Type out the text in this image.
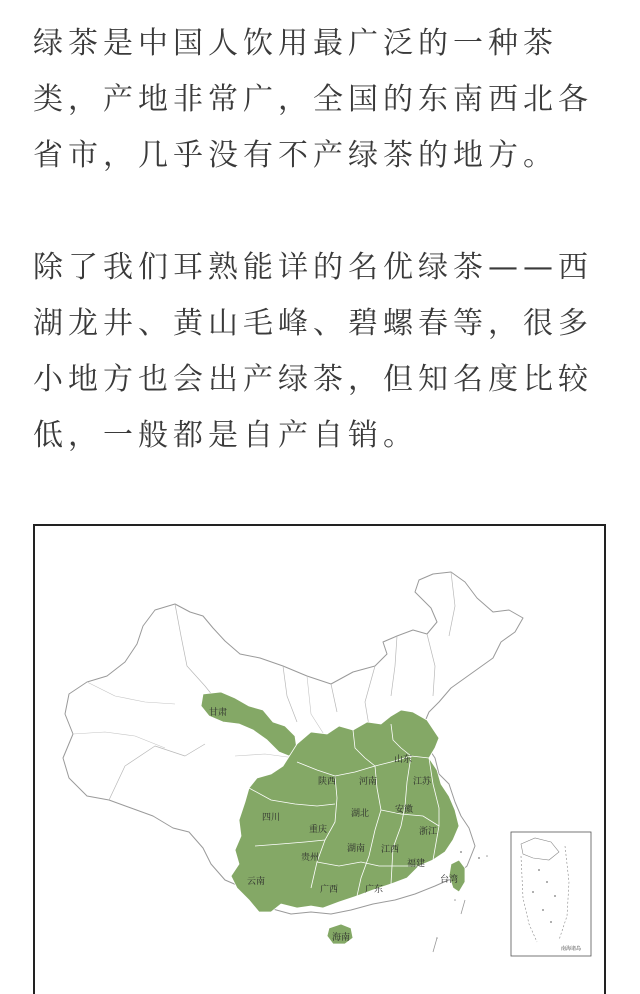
绿茶是中国人饮用最广泛的一种茶类，产地非常广，全国的东南西北各省市，几乎没有不产绿茶的地方。

除了我们耳熟能详的名优绿茶——西湖龙井、黄山毛峰、碧螺春等，很多小地方也会出产绿茶，但知名度比较低，一般都是自产自销。

甘肃
陕西	河南
山东
江苏
四川	湖北	安徽
重庆	浙江
湖南 江西
贵州
福建
云南
广西	广东
台湾
海南
南海诸岛
